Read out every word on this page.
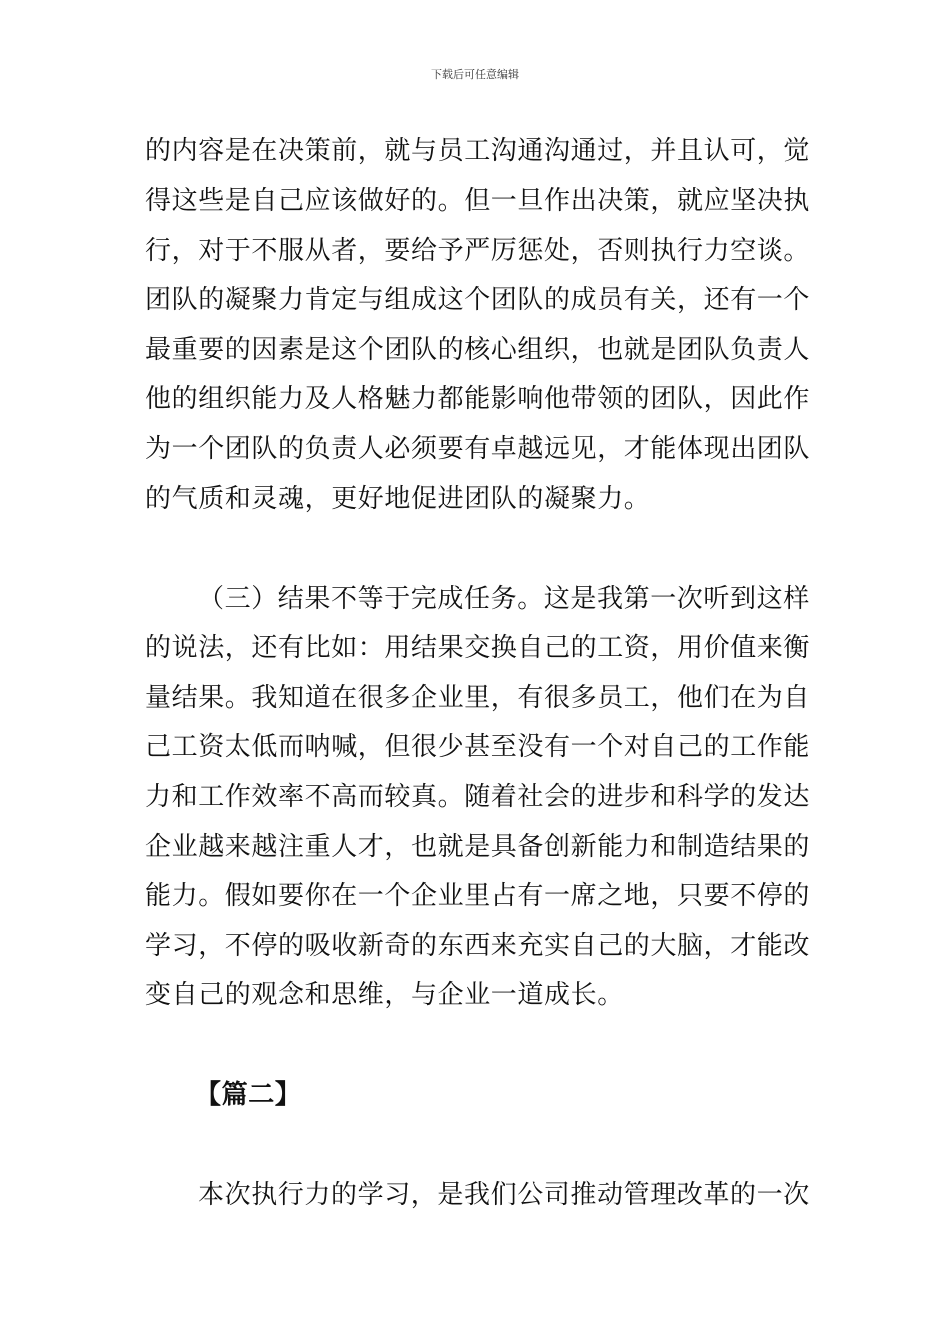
下载后可任意编辑
的内容是在决策前，就与员工沟通沟通过，并且认可，觉
得这些是自己应该做好的。但一旦作出决策，就应坚决执
行，对于不服从者，要给予严厉惩处，否则执行力空谈。
团队的凝聚力肯定与组成这个团队的成员有关，还有一个
最重要的因素是这个团队的核心组织，也就是团队负责人
他的组织能力及人格魅力都能影响他带领的团队，因此作
为一个团队的负责人必须要有卓越远见，才能体现出团队
的气质和灵魂，更好地促进团队的凝聚力。
（三）结果不等于完成任务。这是我第一次听到这样
的说法，还有比如：用结果交换自己的工资，用价值来衡
量结果。我知道在很多企业里，有很多员工，他们在为自
己工资太低而呐喊，但很少甚至没有一个对自己的工作能
力和工作效率不高而较真。随着社会的进步和科学的发达
企业越来越注重人才，也就是具备创新能力和制造结果的
能力。假如要你在一个企业里占有一席之地，只要不停的
学习，不停的吸收新奇的东西来充实自己的大脑，才能改
变自己的观念和思维，与企业一道成长。
【篇二】
本次执行力的学习，是我们公司推动管理改革的一次
